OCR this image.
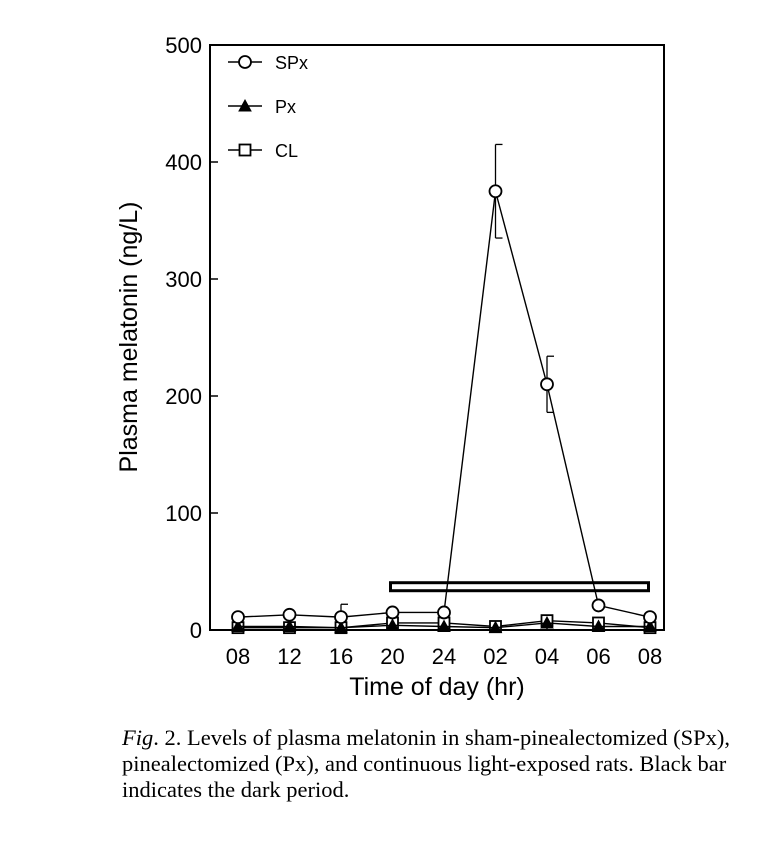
0
100
200
300
400
500
08 12 16 20 24 02 04 06 08
SPx
Px
CL
Time of day (hr)
Plasma melatonin (ng/L)
Fig. 2. Levels of plasma melatonin in sham-pinealectomized (SPx), pinealectomized (Px), and continuous light-exposed rats. Black bar indicates the dark period.
